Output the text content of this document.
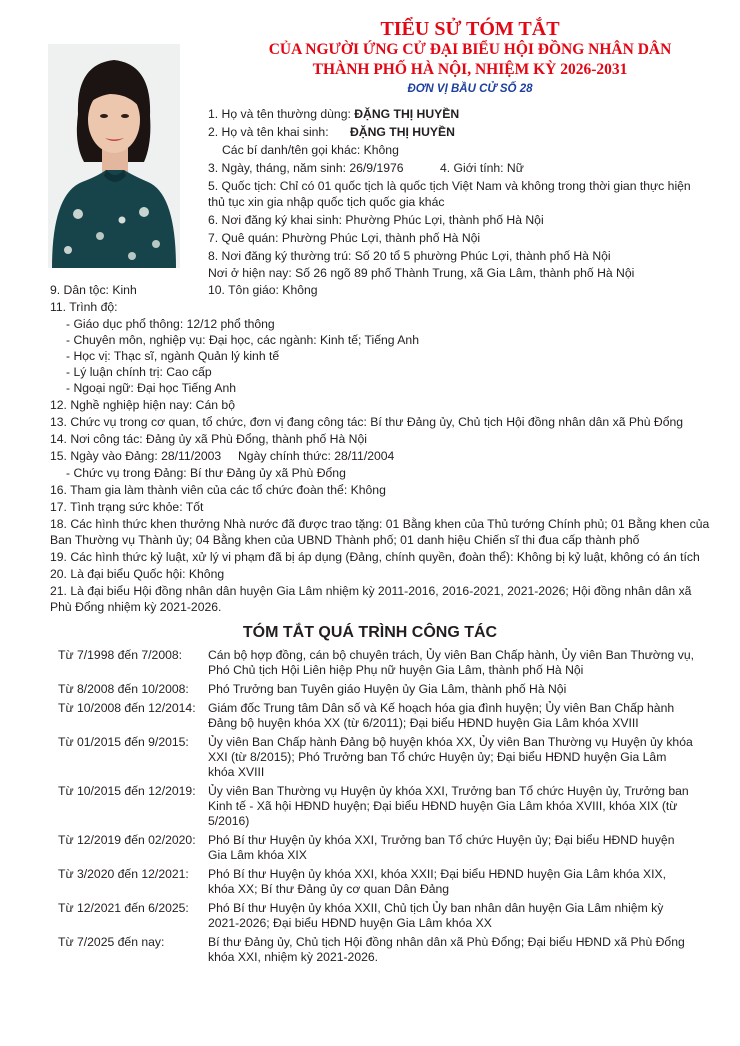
TIỂU SỬ TÓM TẮT
CỦA NGƯỜI ỨNG CỬ ĐẠI BIỂU HỘI ĐỒNG NHÂN DÂN
THÀNH PHỐ HÀ NỘI, NHIỆM KỲ 2026-2031
ĐƠN VỊ BẦU CỬ SỐ 28
1. Họ và tên thường dùng: ĐẶNG THỊ HUYỀN
2. Họ và tên khai sinh: ĐẶNG THỊ HUYỀN
Các bí danh/tên gọi khác: Không
3. Ngày, tháng, năm sinh: 26/9/1976	4. Giới tính: Nữ
5. Quốc tịch: Chỉ có 01 quốc tịch là quốc tịch Việt Nam và không trong thời gian thực hiện
thủ tục xin gia nhập quốc tịch quốc gia khác
6. Nơi đăng ký khai sinh: Phường Phúc Lợi, thành phố Hà Nội
7. Quê quán: Phường Phúc Lợi, thành phố Hà Nội
8. Nơi đăng ký thường trú: Số 20 tổ 5 phường Phúc Lợi, thành phố Hà Nội
Nơi ở hiện nay: Số 26 ngõ 89 phố Thành Trung, xã Gia Lâm, thành phố Hà Nội
9. Dân tộc: Kinh	10. Tôn giáo: Không
11. Trình độ:
- Giáo dục phổ thông: 12/12 phổ thông
- Chuyên môn, nghiệp vụ: Đại học, các ngành: Kinh tế; Tiếng Anh
- Học vị: Thạc sĩ, ngành Quản lý kinh tế
- Lý luận chính trị: Cao cấp
- Ngoại ngữ: Đại học Tiếng Anh
12. Nghề nghiệp hiện nay: Cán bộ
13. Chức vụ trong cơ quan, tổ chức, đơn vị đang công tác: Bí thư Đảng ủy, Chủ tịch Hội đồng nhân dân xã Phù Đổng
14. Nơi công tác: Đảng ủy xã Phù Đổng, thành phố Hà Nội
15. Ngày vào Đảng: 28/11/2003 Ngày chính thức: 28/11/2004
- Chức vụ trong Đảng: Bí thư Đảng ủy xã Phù Đổng
16. Tham gia làm thành viên của các tổ chức đoàn thể: Không
17. Tình trạng sức khỏe: Tốt
18. Các hình thức khen thưởng Nhà nước đã được trao tặng: 01 Bằng khen của Thủ tướng Chính phủ; 01 Bằng khen của
Ban Thường vụ Thành ủy; 04 Bằng khen của UBND Thành phố; 01 danh hiệu Chiến sĩ thi đua cấp thành phố
19. Các hình thức kỷ luật, xử lý vi phạm đã bị áp dụng (Đảng, chính quyền, đoàn thể): Không bị kỷ luật, không có án tích
20. Là đại biểu Quốc hội: Không
21. Là đại biểu Hội đồng nhân dân huyện Gia Lâm nhiệm kỳ 2011-2016, 2016-2021, 2021-2026; Hội đồng nhân dân xã
Phù Đổng nhiệm kỳ 2021-2026.
TÓM TẮT QUÁ TRÌNH CÔNG TÁC
Từ 7/1998 đến 7/2008:	Cán bộ hợp đồng, cán bộ chuyên trách, Ủy viên Ban Chấp hành, Ủy viên Ban Thường vụ, Phó Chủ tịch Hội Liên hiệp Phụ nữ huyện Gia Lâm, thành phố Hà Nội
Từ 8/2008 đến 10/2008:	Phó Trưởng ban Tuyên giáo Huyện ủy Gia Lâm, thành phố Hà Nội
Từ 10/2008 đến 12/2014:	Giám đốc Trung tâm Dân số và Kế hoạch hóa gia đình huyện; Ủy viên Ban Chấp hành Đảng bộ huyện khóa XX (từ 6/2011); Đại biểu HĐND huyện Gia Lâm khóa XVIII
Từ 01/2015 đến 9/2015:	Ủy viên Ban Chấp hành Đảng bộ huyện khóa XX, Ủy viên Ban Thường vụ Huyện ủy khóa XXI (từ 8/2015); Phó Trưởng ban Tổ chức Huyện ủy; Đại biểu HĐND huyện Gia Lâm khóa XVIII
Từ 10/2015 đến 12/2019:	Ủy viên Ban Thường vụ Huyện ủy khóa XXI, Trưởng ban Tổ chức Huyện ủy, Trưởng ban Kinh tế - Xã hội HĐND huyện; Đại biểu HĐND huyện Gia Lâm khóa XVIII, khóa XIX (từ 5/2016)
Từ 12/2019 đến 02/2020:	Phó Bí thư Huyện ủy khóa XXI, Trưởng ban Tổ chức Huyện ủy; Đại biểu HĐND huyện Gia Lâm khóa XIX
Từ 3/2020 đến 12/2021:	Phó Bí thư Huyện ủy khóa XXI, khóa XXII; Đại biểu HĐND huyện Gia Lâm khóa XIX, khóa XX; Bí thư Đảng ủy cơ quan Dân Đảng
Từ 12/2021 đến 6/2025:	Phó Bí thư Huyện ủy khóa XXII, Chủ tịch Ủy ban nhân dân huyện Gia Lâm nhiệm kỳ 2021-2026; Đại biểu HĐND huyện Gia Lâm khóa XX
Từ 7/2025 đến nay:	Bí thư Đảng ủy, Chủ tịch Hội đồng nhân dân xã Phù Đổng; Đại biểu HĐND xã Phù Đổng khóa XXI, nhiệm kỳ 2021-2026.
